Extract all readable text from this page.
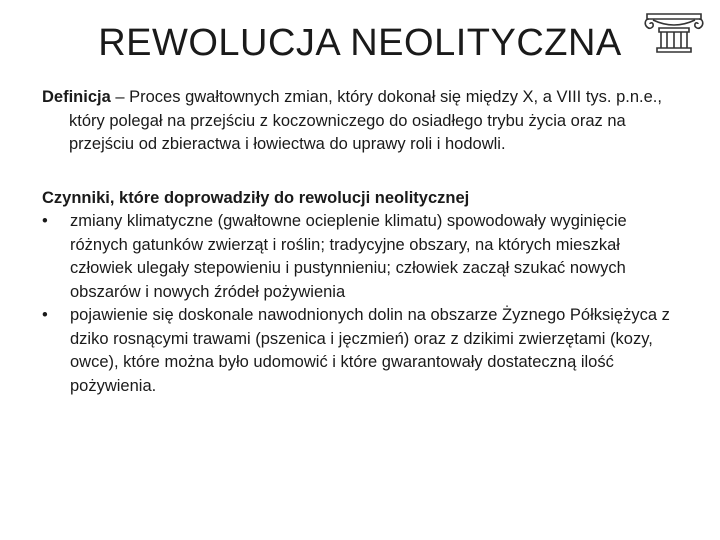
REWOLUCJA NEOLITYCZNA

Definicja – Proces gwałtownych zmian, który dokonał się między X, a VIII tys. p.n.e., który polegał na przejściu z koczowniczego do osiadłego trybu życia oraz na przejściu od zbieractwa i łowiectwa do uprawy roli i hodowli.

Czynniki, które doprowadziły do rewolucji neolitycznej

•	zmiany klimatyczne (gwałtowne ocieplenie klimatu) spowodowały wyginięcie różnych gatunków zwierząt i roślin; tradycyjne obszary, na których mieszkał człowiek ulegały stepowieniu i pustynnieniu; człowiek zaczął szukać nowych obszarów i nowych źródeł pożywienia
•	pojawienie się doskonale nawodnionych dolin na obszarze Żyznego Półksiężyca z dziko rosnącymi trawami (pszenica i jęczmień) oraz z dzikimi zwierzętami (kozy, owce), które można było udomowić i które gwarantowały dostateczną ilość pożywienia.
